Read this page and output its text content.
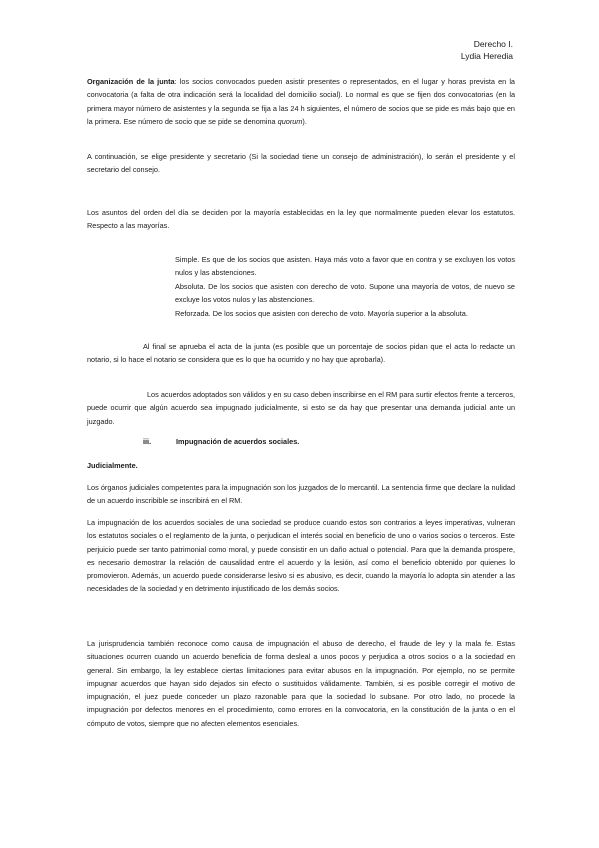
Derecho I.
Lydia Heredia

Organización de la junta: los socios convocados pueden asistir presentes o representados, en el lugar y horas prevista en la convocatoria (a falta de otra indicación será la localidad del domicilio social). Lo normal es que se fijen dos convocatorias (en la primera mayor número de asistentes y la segunda se fija a las 24 h siguientes, el número de socios que se pide es más bajo que en la primera. Ese número de socio que se pide se denomina quorum).

A continuación, se elige presidente y secretario (Si la sociedad tiene un consejo de administración), lo serán el presidente y el secretario del consejo.

Los asuntos del orden del día se deciden por la mayoría establecidas en la ley que normalmente pueden elevar los estatutos. Respecto a las mayorías.

Simple. Es que de los socios que asisten. Haya más voto a favor que en contra y se excluyen los votos nulos y las abstenciones.

Absoluta. De los socios que asisten con derecho de voto. Supone una mayoría de votos, de nuevo se excluye los votos nulos y las abstenciones.

Reforzada. De los socios que asisten con derecho de voto. Mayoría superior a la absoluta.

Al final se aprueba el acta de la junta (es posible que un porcentaje de socios pidan que el acta lo redacte un notario, si lo hace el notario se considera que es lo que ha ocurrido y no hay que aprobarla).

Los acuerdos adoptados son válidos y en su caso deben inscribirse en el RM para surtir efectos frente a terceros, puede ocurrir que algún acuerdo sea impugnado judicialmente, si esto se da hay que presentar una demanda judicial ante un juzgado.

iii.	Impugnación de acuerdos sociales.

Judicialmente.

Los órganos judiciales competentes para la impugnación son los juzgados de lo mercantil. La sentencia firme que declare la nulidad de un acuerdo inscribible se inscribirá en el RM.

La impugnación de los acuerdos sociales de una sociedad se produce cuando estos son contrarios a leyes imperativas, vulneran los estatutos sociales o el reglamento de la junta, o perjudican el interés social en beneficio de uno o varios socios o terceros. Este perjuicio puede ser tanto patrimonial como moral, y puede consistir en un daño actual o potencial. Para que la demanda prospere, es necesario demostrar la relación de causalidad entre el acuerdo y la lesión, así como el beneficio obtenido por quienes lo promovieron. Además, un acuerdo puede considerarse lesivo si es abusivo, es decir, cuando la mayoría lo adopta sin atender a las necesidades de la sociedad y en detrimento injustificado de los demás socios.

La jurisprudencia también reconoce como causa de impugnación el abuso de derecho, el fraude de ley y la mala fe. Estas situaciones ocurren cuando un acuerdo beneficia de forma desleal a unos pocos y perjudica a otros socios o a la sociedad en general. Sin embargo, la ley establece ciertas limitaciones para evitar abusos en la impugnación. Por ejemplo, no se permite impugnar acuerdos que hayan sido dejados sin efecto o sustituidos válidamente. También, si es posible corregir el motivo de impugnación, el juez puede conceder un plazo razonable para que la sociedad lo subsane. Por otro lado, no procede la impugnación por defectos menores en el procedimiento, como errores en la convocatoria, en la constitución de la junta o en el cómputo de votos, siempre que no afecten elementos esenciales.
